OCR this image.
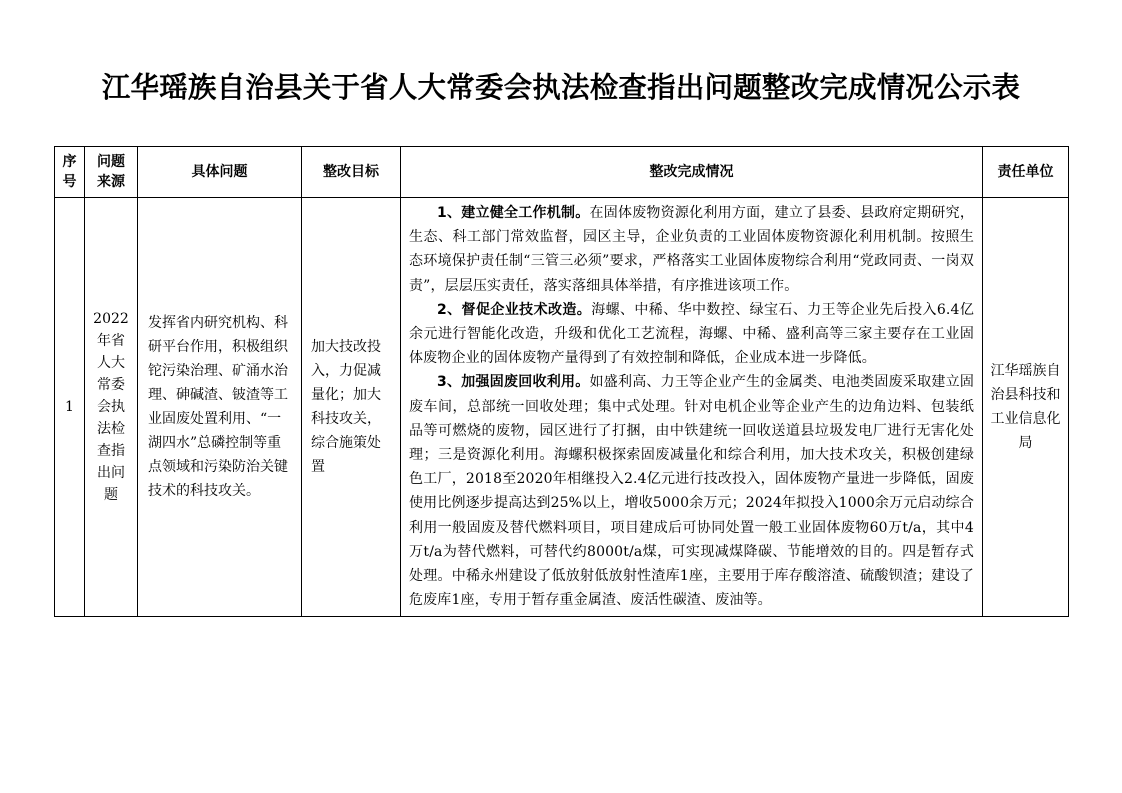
江华瑶族自治县关于省人大常委会执法检查指出问题整改完成情况公示表
序号	问题来源	具体问题	整改目标	整改完成情况	责任单位
1	2022年省人大常委会执法检查指出问题	发挥省内研究机构、科研平台作用，积极组织铊污染治理、矿涌水治理、砷碱渣、铍渣等工业固废处置利用、“一湖四水”总磷控制等重点领域和污染防治关键技术的科技攻关。	加大技改投入，力促减量化；加大科技攻关，综合施策处置	1、建立健全工作机制。在固体废物资源化利用方面，建立了县委、县政府定期研究，生态、科工部门常效监督，园区主导，企业负责的工业固体废物资源化利用机制。按照生态环境保护责任制“三管三必须”要求，严格落实工业固体废物综合利用“党政同责、一岗双责”，层层压实责任，落实落细具体举措，有序推进该项工作。

2、督促企业技术改造。海螺、中稀、华中数控、绿宝石、力王等企业先后投入6.4亿余元进行智能化改造，升级和优化工艺流程，海螺、中稀、盛利高等三家主要存在工业固体废物企业的固体废物产量得到了有效控制和降低，企业成本进一步降低。

3、加强固废回收利用。如盛利高、力王等企业产生的金属类、电池类固废采取建立固废车间，总部统一回收处理；集中式处理。针对电机企业等企业产生的边角边料、包装纸品等可燃烧的废物，园区进行了打捆，由中铁建统一回收送道县垃圾发电厂进行无害化处理；三是资源化利用。海螺积极探索固废减量化和综合利用，加大技术攻关，积极创建绿色工厂，2018至2020年相继投入2.4亿元进行技改投入，固体废物产量进一步降低，固废使用比例逐步提高达到25%以上，增收5000余万元；2024年拟投入1000余万元启动综合利用一般固废及替代燃料项目，项目建成后可协同处置一般工业固体废物60万t/a，其中4万t/a为替代燃料，可替代约8000t/a煤，可实现减煤降碳、节能增效的目的。四是暂存式处理。中稀永州建设了低放射低放射性渣库1座，主要用于库存酸溶渣、硫酸钡渣；建设了危废库1座，专用于暂存重金属渣、废活性碳渣、废油等。	江华瑶族自治县科技和工业信息化局
